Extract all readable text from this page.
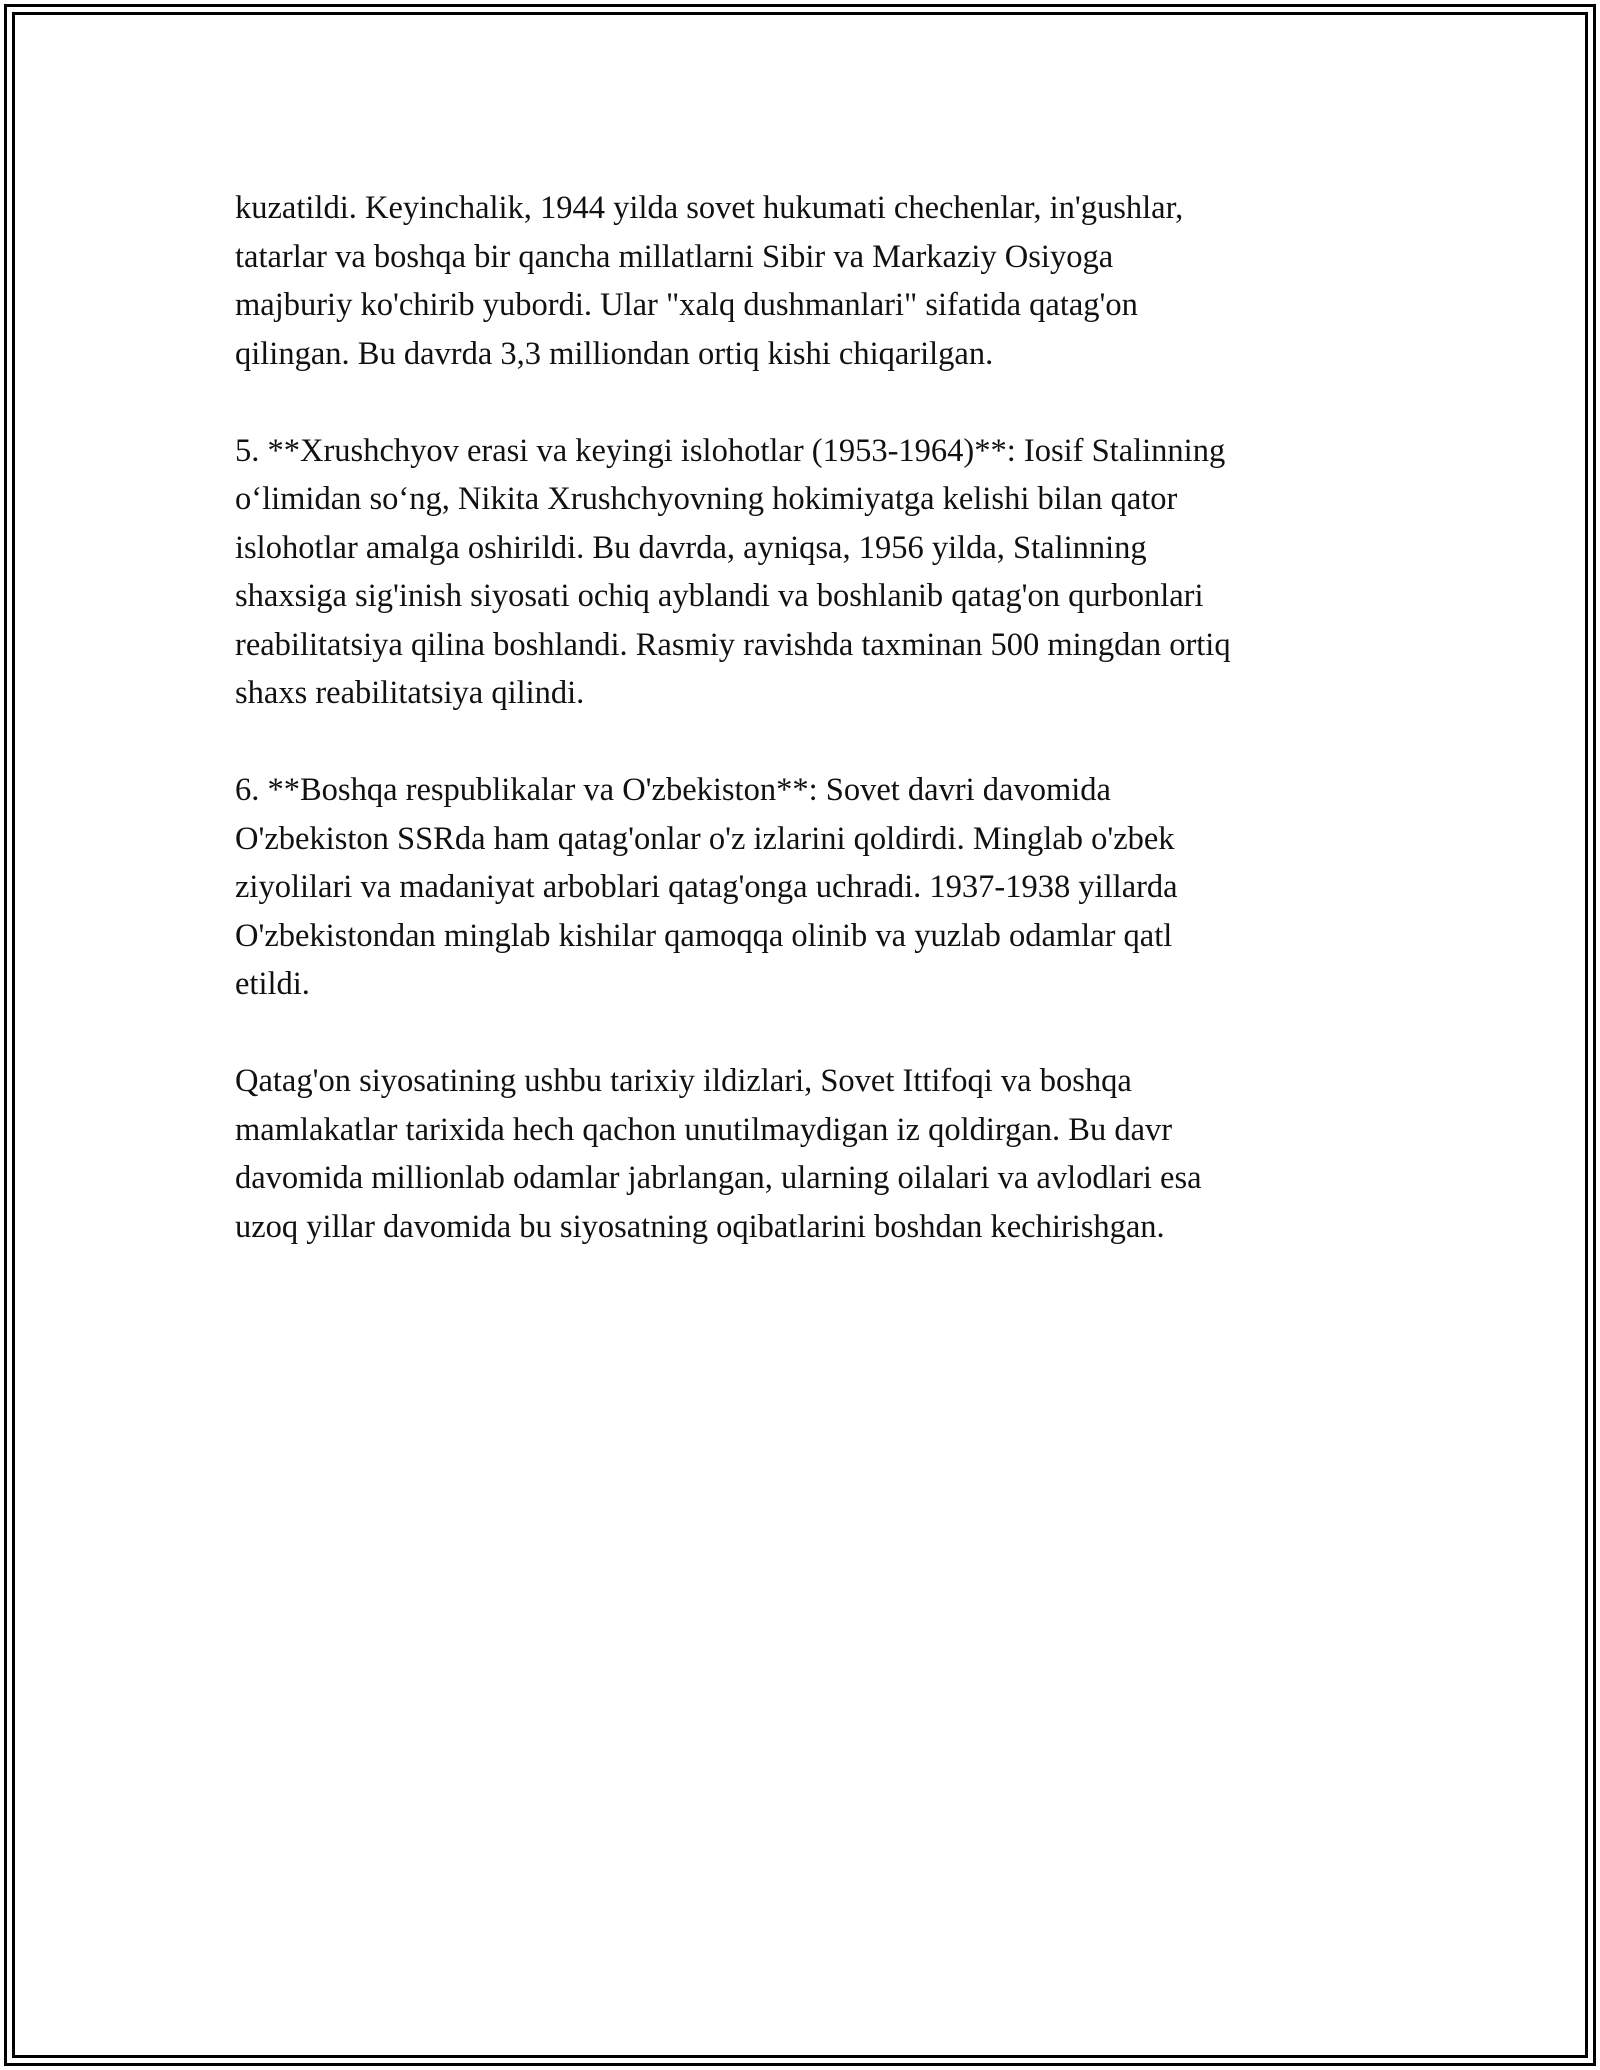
kuzatildi. Keyinchalik, 1944 yilda sovet hukumati chechenlar, in'gushlar,
tatarlar va boshqa bir qancha millatlarni Sibir va Markaziy Osiyoga
majburiy ko'chirib yubordi. Ular "xalq dushmanlari" sifatida qatag'on
qilingan. Bu davrda 3,3 milliondan ortiq kishi chiqarilgan.

5. **Xrushchyov erasi va keyingi islohotlar (1953-1964)**: Iosif Stalinning
o‘limidan so‘ng, Nikita Xrushchyovning hokimiyatga kelishi bilan qator
islohotlar amalga oshirildi. Bu davrda, ayniqsa, 1956 yilda, Stalinning
shaxsiga sig'inish siyosati ochiq ayblandi va boshlanib qatag'on qurbonlari
reabilitatsiya qilina boshlandi. Rasmiy ravishda taxminan 500 mingdan ortiq
shaxs reabilitatsiya qilindi.

6. **Boshqa respublikalar va O'zbekiston**: Sovet davri davomida
O'zbekiston SSRda ham qatag'onlar o'z izlarini qoldirdi. Minglab o'zbek
ziyolilari va madaniyat arboblari qatag'onga uchradi. 1937-1938 yillarda
O'zbekistondan minglab kishilar qamoqqa olinib va yuzlab odamlar qatl
etildi.

Qatag'on siyosatining ushbu tarixiy ildizlari, Sovet Ittifoqi va boshqa
mamlakatlar tarixida hech qachon unutilmaydigan iz qoldirgan. Bu davr
davomida millionlab odamlar jabrlangan, ularning oilalari va avlodlari esa
uzoq yillar davomida bu siyosatning oqibatlarini boshdan kechirishgan.
